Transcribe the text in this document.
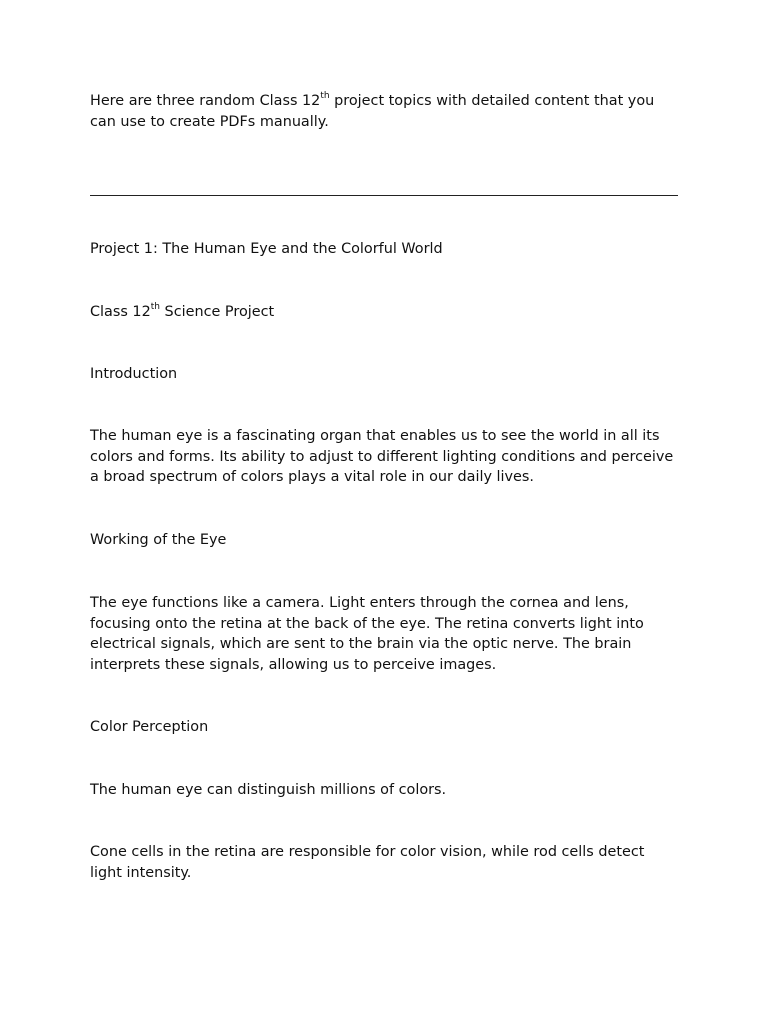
Here are three random Class 12th project topics with detailed content that you can use to create PDFs manually.

Project 1: The Human Eye and the Colorful World

Class 12th Science Project

Introduction

The human eye is a fascinating organ that enables us to see the world in all its colors and forms. Its ability to adjust to different lighting conditions and perceive a broad spectrum of colors plays a vital role in our daily lives.

Working of the Eye

The eye functions like a camera. Light enters through the cornea and lens, focusing onto the retina at the back of the eye. The retina converts light into electrical signals, which are sent to the brain via the optic nerve. The brain interprets these signals, allowing us to perceive images.

Color Perception

The human eye can distinguish millions of colors.

Cone cells in the retina are responsible for color vision, while rod cells detect light intensity.
